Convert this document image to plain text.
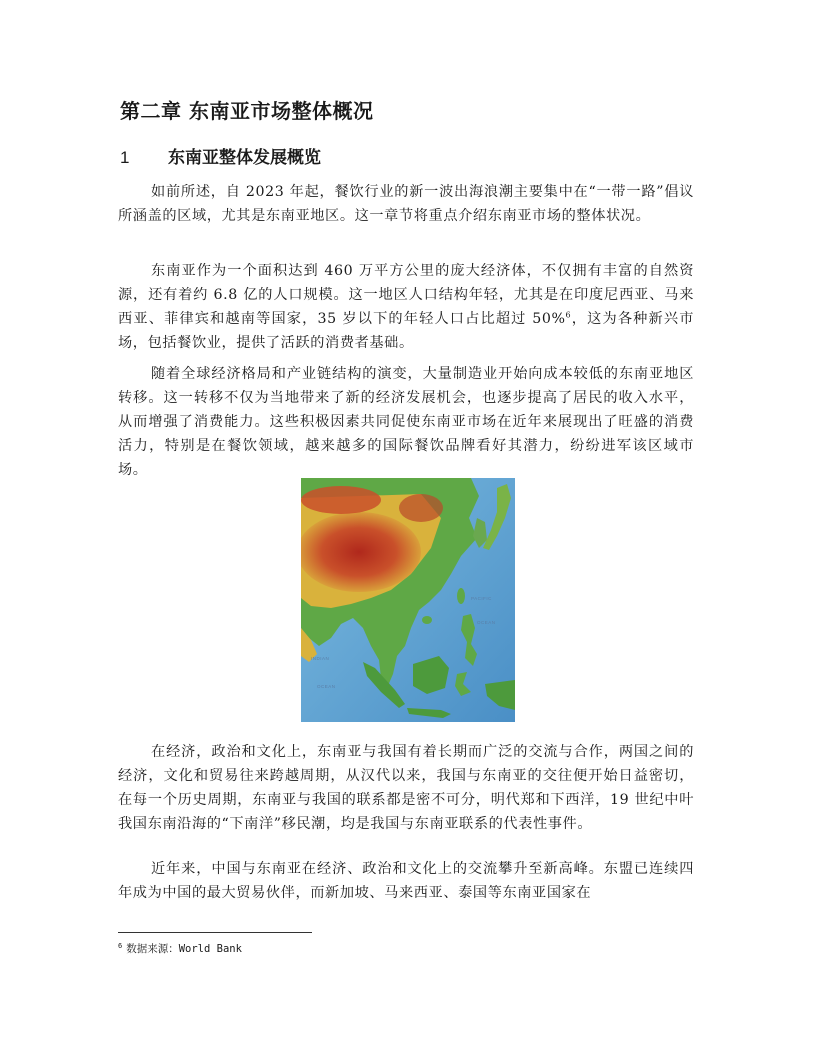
第二章 东南亚市场整体概况
1 东南亚整体发展概览

如前所述，自 2023 年起，餐饮行业的新一波出海浪潮主要集中在“一带一路”倡议所涵盖的区域，尤其是东南亚地区。这一章节将重点介绍东南亚市场的整体状况。

东南亚作为一个面积达到 460 万平方公里的庞大经济体，不仅拥有丰富的自然资源，还有着约 6.8 亿的人口规模。这一地区人口结构年轻，尤其是在印度尼西亚、马来西亚、菲律宾和越南等国家，35 岁以下的年轻人口占比超过 50%$^6$，这为各种新兴市场，包括餐饮业，提供了活跃的消费者基础。

随着全球经济格局和产业链结构的演变，大量制造业开始向成本较低的东南亚地区转移。这一转移不仅为当地带来了新的经济发展机会，也逐步提高了居民的收入水平，从而增强了消费能力。这些积极因素共同促使东南亚市场在近年来展现出了旺盛的消费活力，特别是在餐饮领域，越来越多的国际餐饮品牌看好其潜力，纷纷进军该区域市场。

PACIFIC
OCEAN
INDIAN
OCEAN

在经济，政治和文化上，东南亚与我国有着长期而广泛的交流与合作，两国之间的经济，文化和贸易往来跨越周期，从汉代以来，我国与东南亚的交往便开始日益密切，在每一个历史周期，东南亚与我国的联系都是密不可分，明代郑和下西洋，19 世纪中叶我国东南沿海的“下南洋”移民潮，均是我国与东南亚联系的代表性事件。

近年来，中国与东南亚在经济、政治和文化上的交流攀升至新高峰。东盟已连续四年成为中国的最大贸易伙伴，而新加坡、马来西亚、泰国等东南亚国家在

$^6$ 数据来源：World Bank
